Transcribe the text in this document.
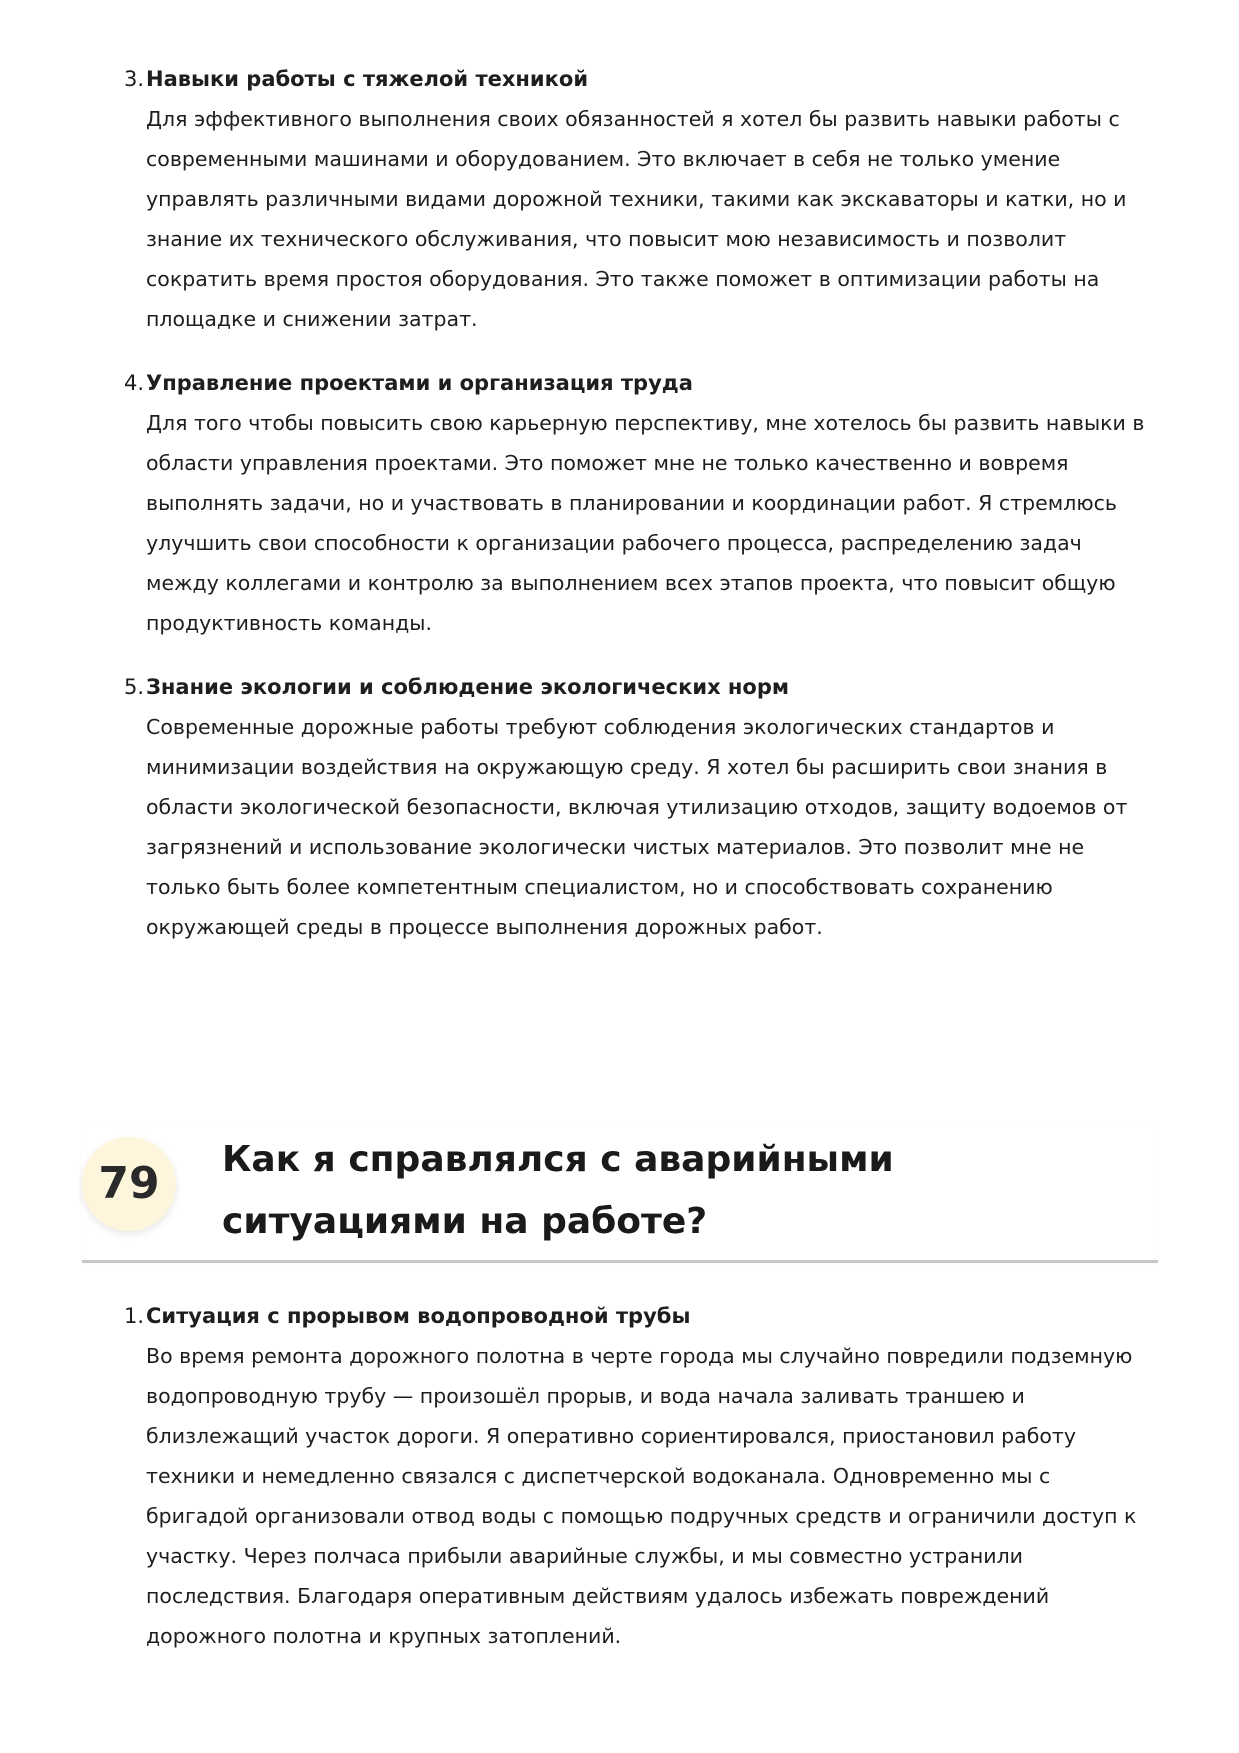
3. Навыки работы с тяжелой техникой
Для эффективного выполнения своих обязанностей я хотел бы развить навыки работы с современными машинами и оборудованием. Это включает в себя не только умение управлять различными видами дорожной техники, такими как экскаваторы и катки, но и знание их технического обслуживания, что повысит мою независимость и позволит сократить время простоя оборудования. Это также поможет в оптимизации работы на площадке и снижении затрат.
4. Управление проектами и организация труда
Для того чтобы повысить свою карьерную перспективу, мне хотелось бы развить навыки в области управления проектами. Это поможет мне не только качественно и вовремя выполнять задачи, но и участвовать в планировании и координации работ. Я стремлюсь улучшить свои способности к организации рабочего процесса, распределению задач между коллегами и контролю за выполнением всех этапов проекта, что повысит общую продуктивность команды.
5. Знание экологии и соблюдение экологических норм
Современные дорожные работы требуют соблюдения экологических стандартов и минимизации воздействия на окружающую среду. Я хотел бы расширить свои знания в области экологической безопасности, включая утилизацию отходов, защиту водоемов от загрязнений и использование экологически чистых материалов. Это позволит мне не только быть более компетентным специалистом, но и способствовать сохранению окружающей среды в процессе выполнения дорожных работ.
79	Как я справлялся с аварийными ситуациями на работе?
1. Ситуация с прорывом водопроводной трубы
Во время ремонта дорожного полотна в черте города мы случайно повредили подземную водопроводную трубу — произошёл прорыв, и вода начала заливать траншею и близлежащий участок дороги. Я оперативно сориентировался, приостановил работу техники и немедленно связался с диспетчерской водоканала. Одновременно мы с бригадой организовали отвод воды с помощью подручных средств и ограничили доступ к участку. Через полчаса прибыли аварийные службы, и мы совместно устранили последствия. Благодаря оперативным действиям удалось избежать повреждений дорожного полотна и крупных затоплений.
